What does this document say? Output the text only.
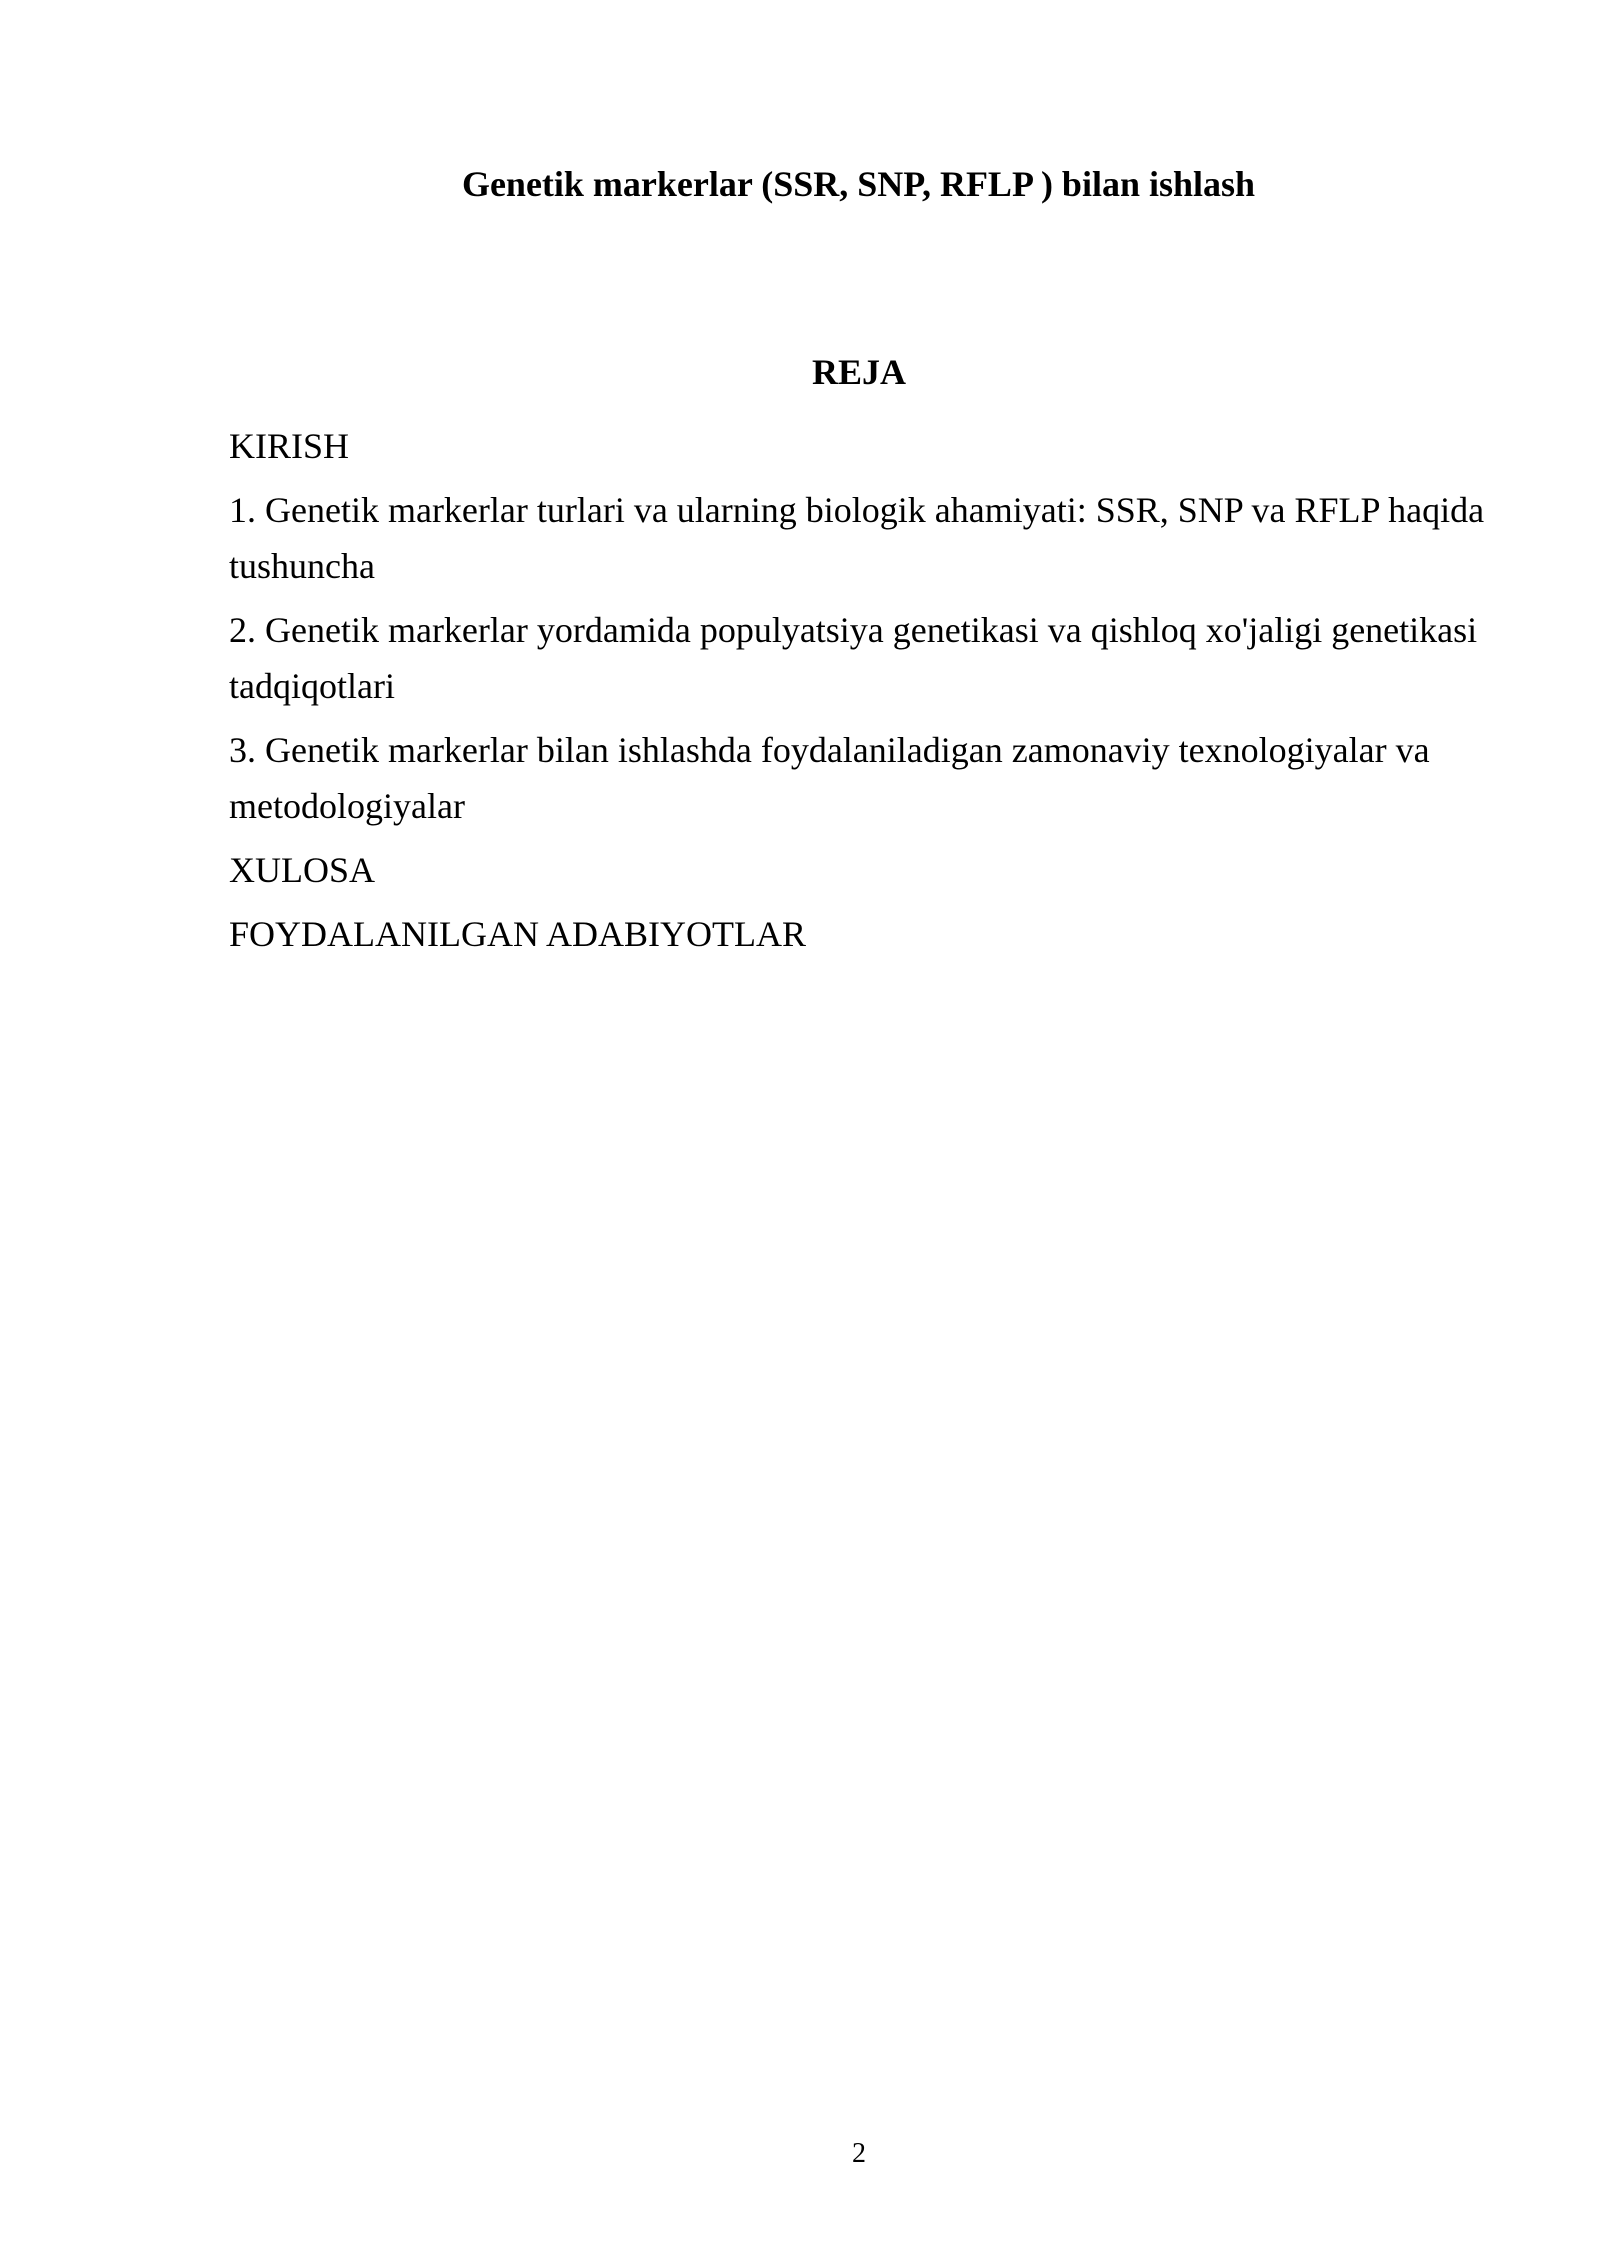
Genetik markerlar (SSR, SNP, RFLP ) bilan ishlash
REJA
KIRISH
1. Genetik markerlar turlari va ularning biologik ahamiyati: SSR, SNP va RFLP haqida tushuncha
2. Genetik markerlar yordamida populyatsiya genetikasi va qishloq xo'jaligi genetikasi tadqiqotlari
3. Genetik markerlar bilan ishlashda foydalaniladigan zamonaviy texnologiyalar va metodologiyalar
XULOSA
FOYDALANILGAN ADABIYOTLAR
2
